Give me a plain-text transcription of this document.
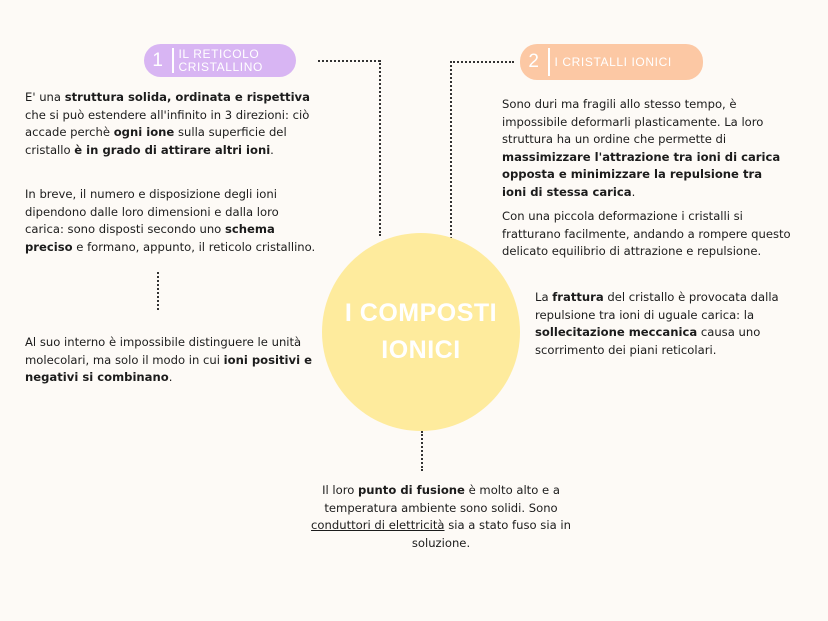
1	IL RETICOLO
CRISTALLINO	2	I CRISTALLI IONICI
I COMPOSTI
IONICI
E' una struttura solida, ordinata e rispettiva che si può estendere all'infinito in 3 direzioni: ciò accade perchè ogni ione sulla superficie del cristallo è in grado di attirare altri ioni.
In breve, il numero e disposizione degli ioni dipendono dalle loro dimensioni e dalla loro carica: sono disposti secondo uno schema preciso e formano, appunto, il reticolo cristallino.
Al suo interno è impossibile distinguere le unità molecolari, ma solo il modo in cui ioni positivi e negativi si combinano.
Sono duri ma fragili allo stesso tempo, è impossibile deformarli plasticamente. La loro struttura ha un ordine che permette di massimizzare l'attrazione tra ioni di carica opposta e minimizzare la repulsione tra ioni di stessa carica.
Con una piccola deformazione i cristalli si fratturano facilmente, andando a rompere questo delicato equilibrio di attrazione e repulsione.
La frattura del cristallo è provocata dalla repulsione tra ioni di uguale carica: la sollecitazione meccanica causa uno scorrimento dei piani reticolari.
Il loro punto di fusione è molto alto e a temperatura ambiente sono solidi. Sono conduttori di elettricità sia a stato fuso sia in soluzione.
